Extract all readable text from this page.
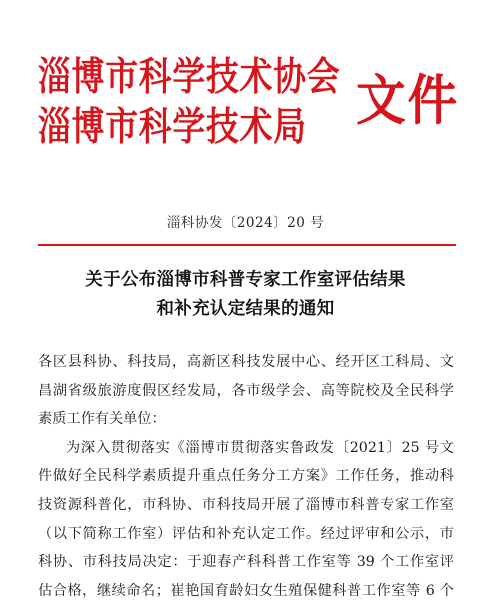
淄博市科学技术协会
淄博市科学技术局 文件
淄科协发〔2024〕20 号
关于公布淄博市科普专家工作室评估结果
和补充认定结果的通知
各区县科协、科技局，高新区科技发展中心、经开区工科局、文
昌湖省级旅游度假区经发局，各市级学会、高等院校及全民科学
素质工作有关单位：
为深入贯彻落实《淄博市贯彻落实鲁政发〔2021〕25 号文
件做好全民科学素质提升重点任务分工方案》工作任务，推动科
技资源科普化，市科协、市科技局开展了淄博市科普专家工作室
（以下简称工作室）评估和补充认定工作。经过评审和公示，市
科协、市科技局决定：于迎春产科科普工作室等 39 个工作室评
估合格，继续命名；崔艳国育龄妇女生殖保健科普工作室等 6 个
